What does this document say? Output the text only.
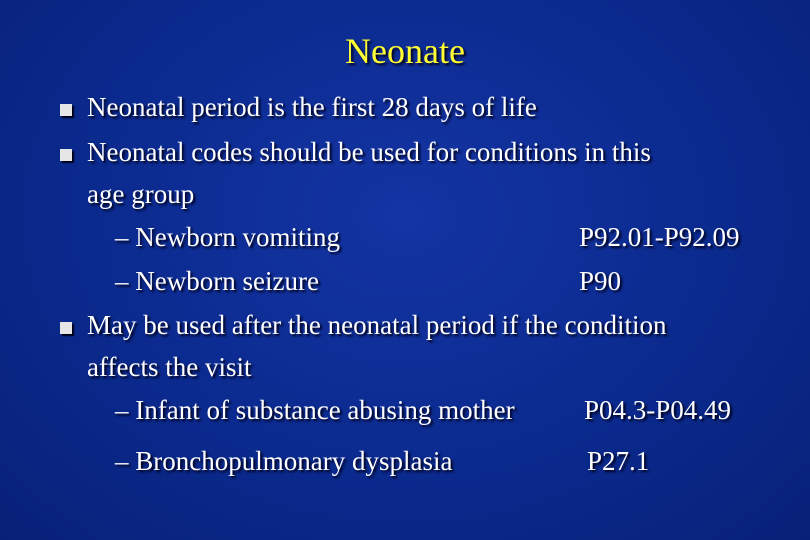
Neonate
Neonatal period is the first 28 days of life
Neonatal codes should be used for conditions in this
age group
– Newborn vomiting	P92.01-P92.09
– Newborn seizure	P90
May be used after the neonatal period if the condition
affects the visit
– Infant of substance abusing mother	P04.3-P04.49
– Bronchopulmonary dysplasia	P27.1
